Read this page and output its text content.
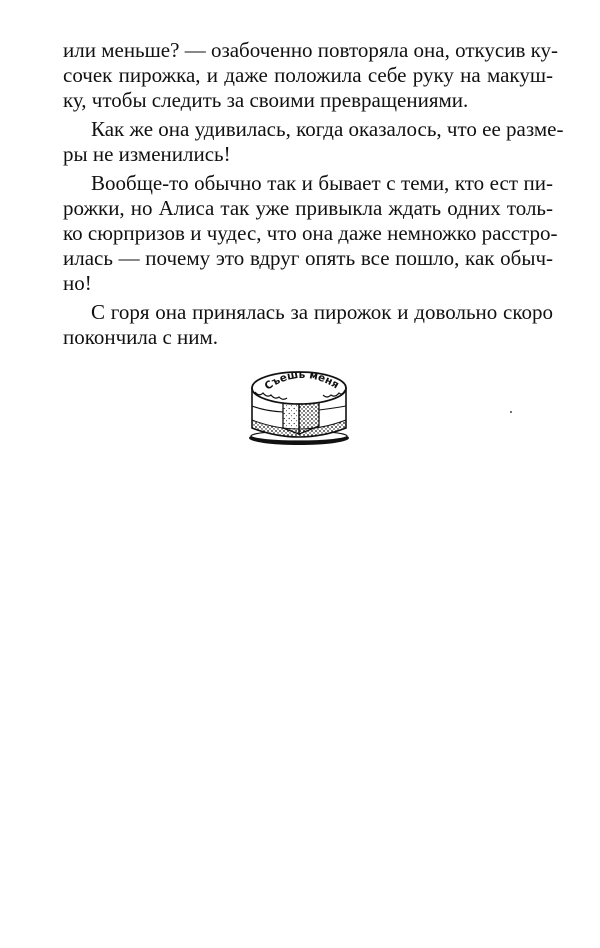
или меньше? — озабоченно повторяла она, откусив ку-
сочек пирожка, и даже положила себе руку на макуш-
ку, чтобы следить за своими превращениями.
Как же она удивилась, когда оказалось, что ее разме-
ры не изменились!
Вообще-то обычно так и бывает с теми, кто ест пи-
рожки, но Алиса так уже привыкла ждать одних толь-
ко сюрпризов и чудес, что она даже немножко расстро-
илась — почему это вдруг опять все пошло, как обыч-
но!
С горя она принялась за пирожок и довольно скоро
покончила с ним.
Съешь меня
